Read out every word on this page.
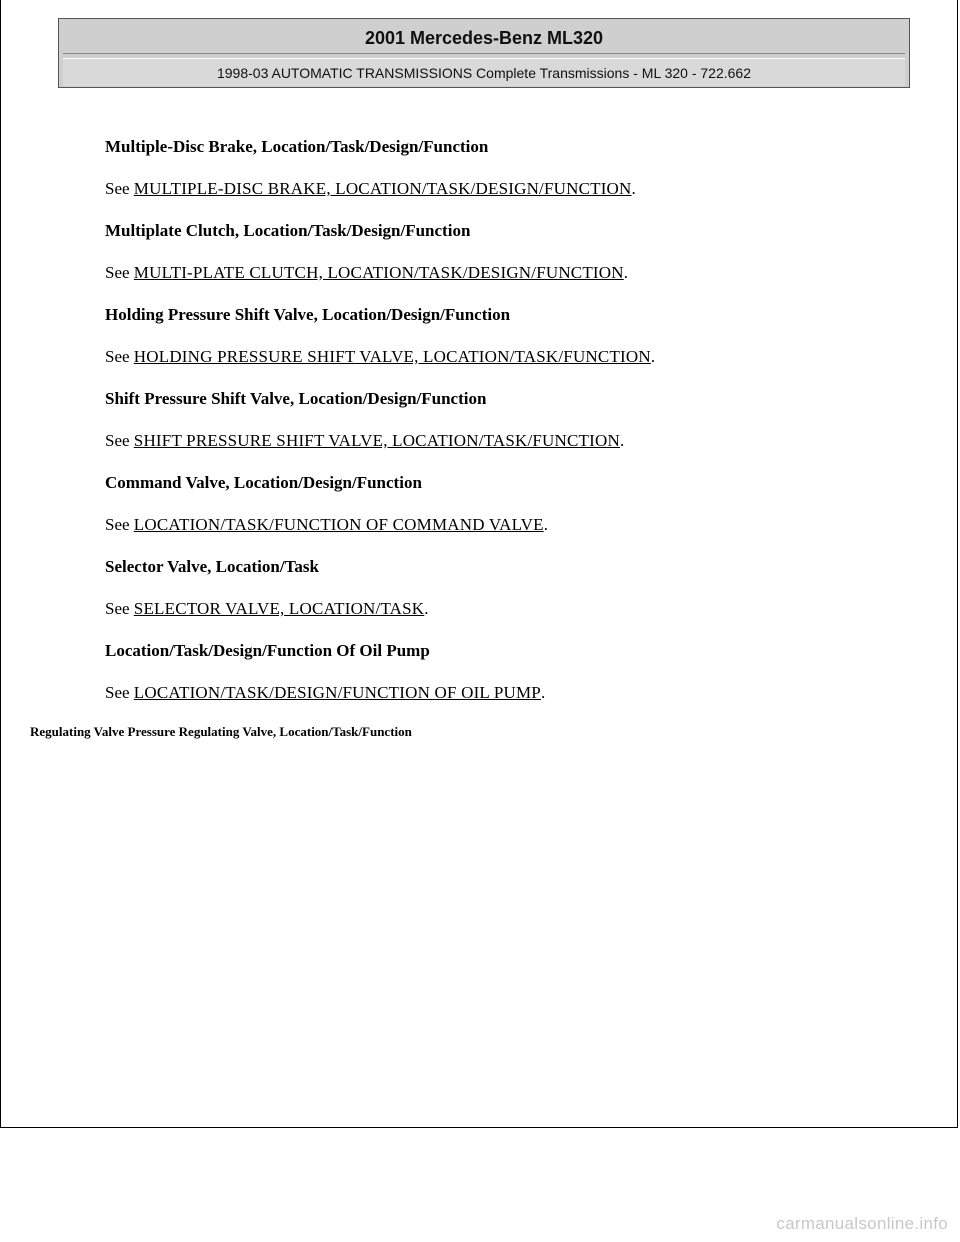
2001 Mercedes-Benz ML320
1998-03 AUTOMATIC TRANSMISSIONS Complete Transmissions - ML 320 - 722.662
Multiple-Disc Brake, Location/Task/Design/Function
See MULTIPLE-DISC BRAKE, LOCATION/TASK/DESIGN/FUNCTION.
Multiplate Clutch, Location/Task/Design/Function
See MULTI-PLATE CLUTCH, LOCATION/TASK/DESIGN/FUNCTION.
Holding Pressure Shift Valve, Location/Design/Function
See HOLDING PRESSURE SHIFT VALVE, LOCATION/TASK/FUNCTION.
Shift Pressure Shift Valve, Location/Design/Function
See SHIFT PRESSURE SHIFT VALVE, LOCATION/TASK/FUNCTION.
Command Valve, Location/Design/Function
See LOCATION/TASK/FUNCTION OF COMMAND VALVE.
Selector Valve, Location/Task
See SELECTOR VALVE, LOCATION/TASK.
Location/Task/Design/Function Of Oil Pump
See LOCATION/TASK/DESIGN/FUNCTION OF OIL PUMP.
Regulating Valve Pressure Regulating Valve, Location/Task/Function
carmanualsonline.info
